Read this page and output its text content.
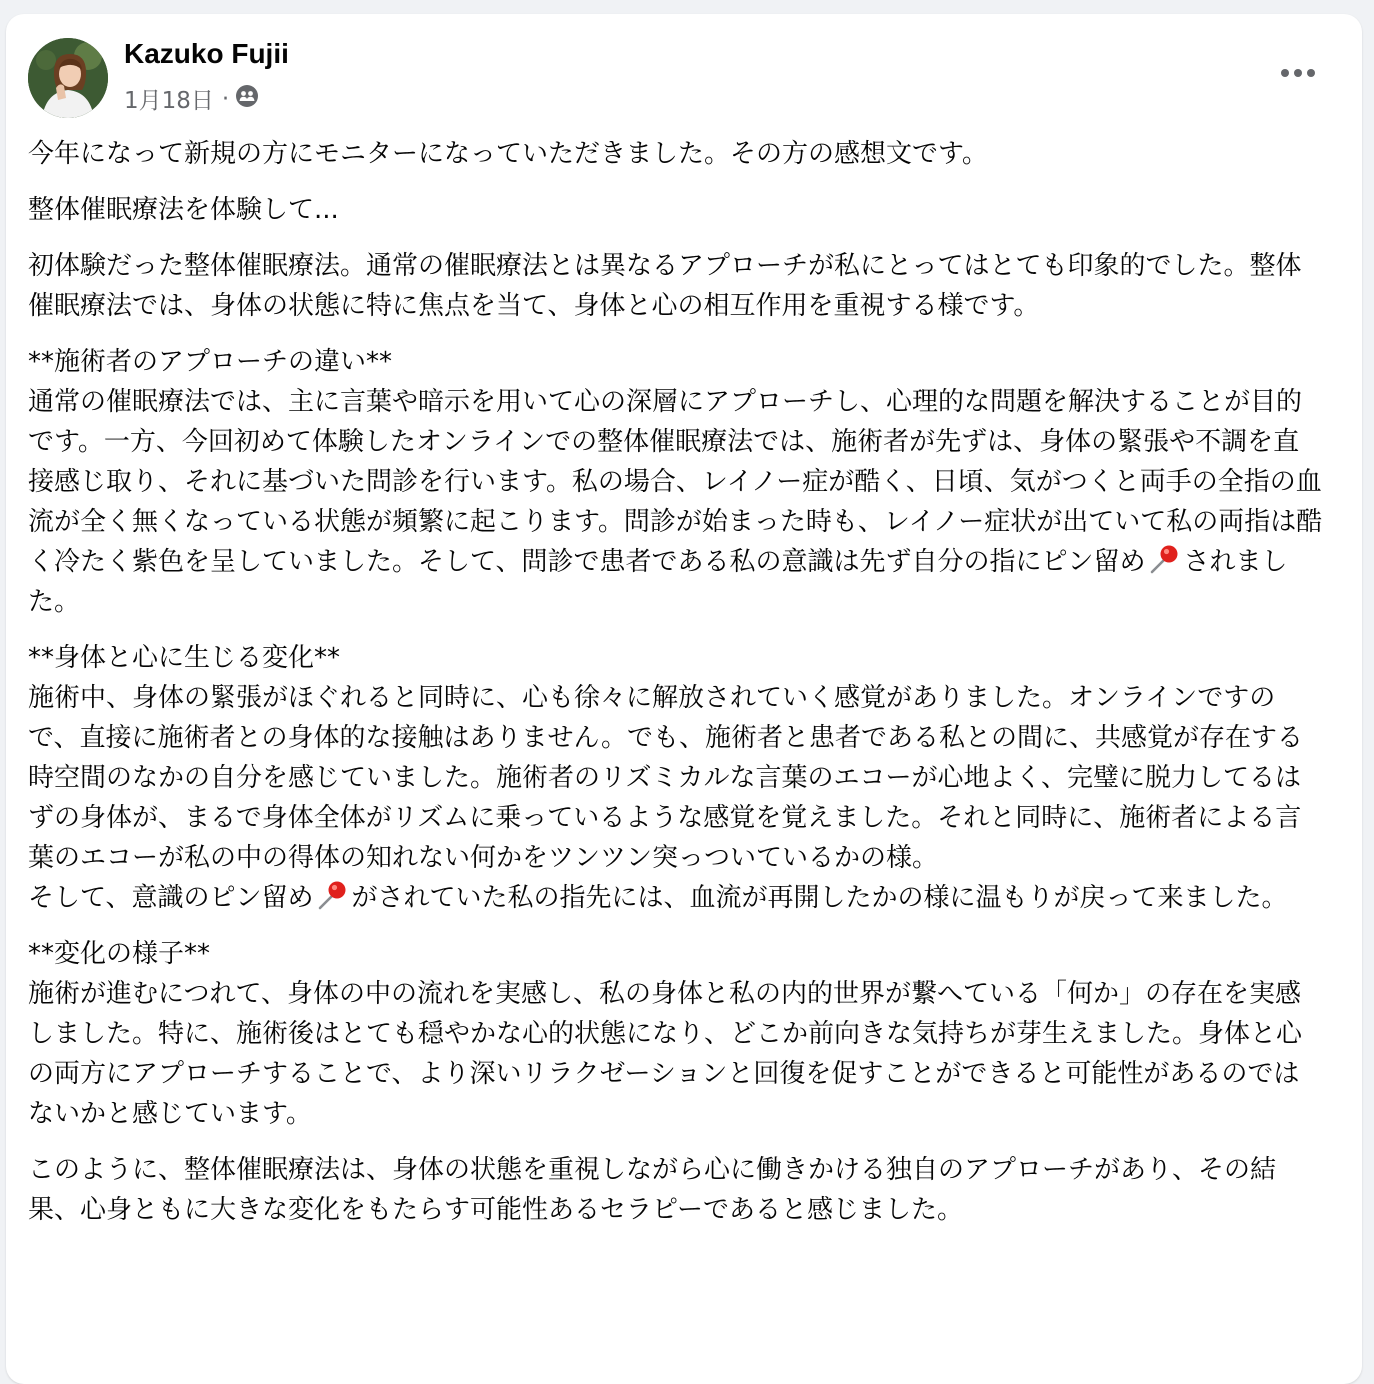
Kazuko Fujii
1月18日 ·

今年になって新規の方にモニターになっていただきました。その方の感想文です。

整体催眠療法を体験して...

初体験だった整体催眠療法。通常の催眠療法とは異なるアプローチが私にとってはとても印象的でした。整体催眠療法では、身体の状態に特に焦点を当て、身体と心の相互作用を重視する様です。

**施術者のアプローチの違い**
通常の催眠療法では、主に言葉や暗示を用いて心の深層にアプローチし、心理的な問題を解決することが目的です。一方、今回初めて体験したオンラインでの整体催眠療法では、施術者が先ずは、身体の緊張や不調を直接感じ取り、それに基づいた問診を行います。私の場合、レイノー症が酷く、日頃、気がつくと両手の全指の血流が全く無くなっている状態が頻繁に起こります。問診が始まった時も、レイノー症状が出ていて私の両指は酷く冷たく紫色を呈していました。そして、問診で患者である私の意識は先ず自分の指にピン留め されました。

**身体と心に生じる変化**
施術中、身体の緊張がほぐれると同時に、心も徐々に解放されていく感覚がありました。オンラインですので、直接に施術者との身体的な接触はありません。でも、施術者と患者である私との間に、共感覚が存在する時空間のなかの自分を感じていました。施術者のリズミカルな言葉のエコーが心地よく、完璧に脱力してるはずの身体が、まるで身体全体がリズムに乗っているような感覚を覚えました。それと同時に、施術者による言葉のエコーが私の中の得体の知れない何かをツンツン突っついているかの様。
そして、意識のピン留め がされていた私の指先には、血流が再開したかの様に温もりが戻って来ました。

**変化の様子**
施術が進むにつれて、身体の中の流れを実感し、私の身体と私の内的世界が繋へている「何か」の存在を実感しました。特に、施術後はとても穏やかな心的状態になり、どこか前向きな気持ちが芽生えました。身体と心の両方にアプローチすることで、より深いリラクゼーションと回復を促すことができると可能性があるのではないかと感じています。

このように、整体催眠療法は、身体の状態を重視しながら心に働きかける独自のアプローチがあり、その結果、心身ともに大きな変化をもたらす可能性あるセラピーであると感じました。
